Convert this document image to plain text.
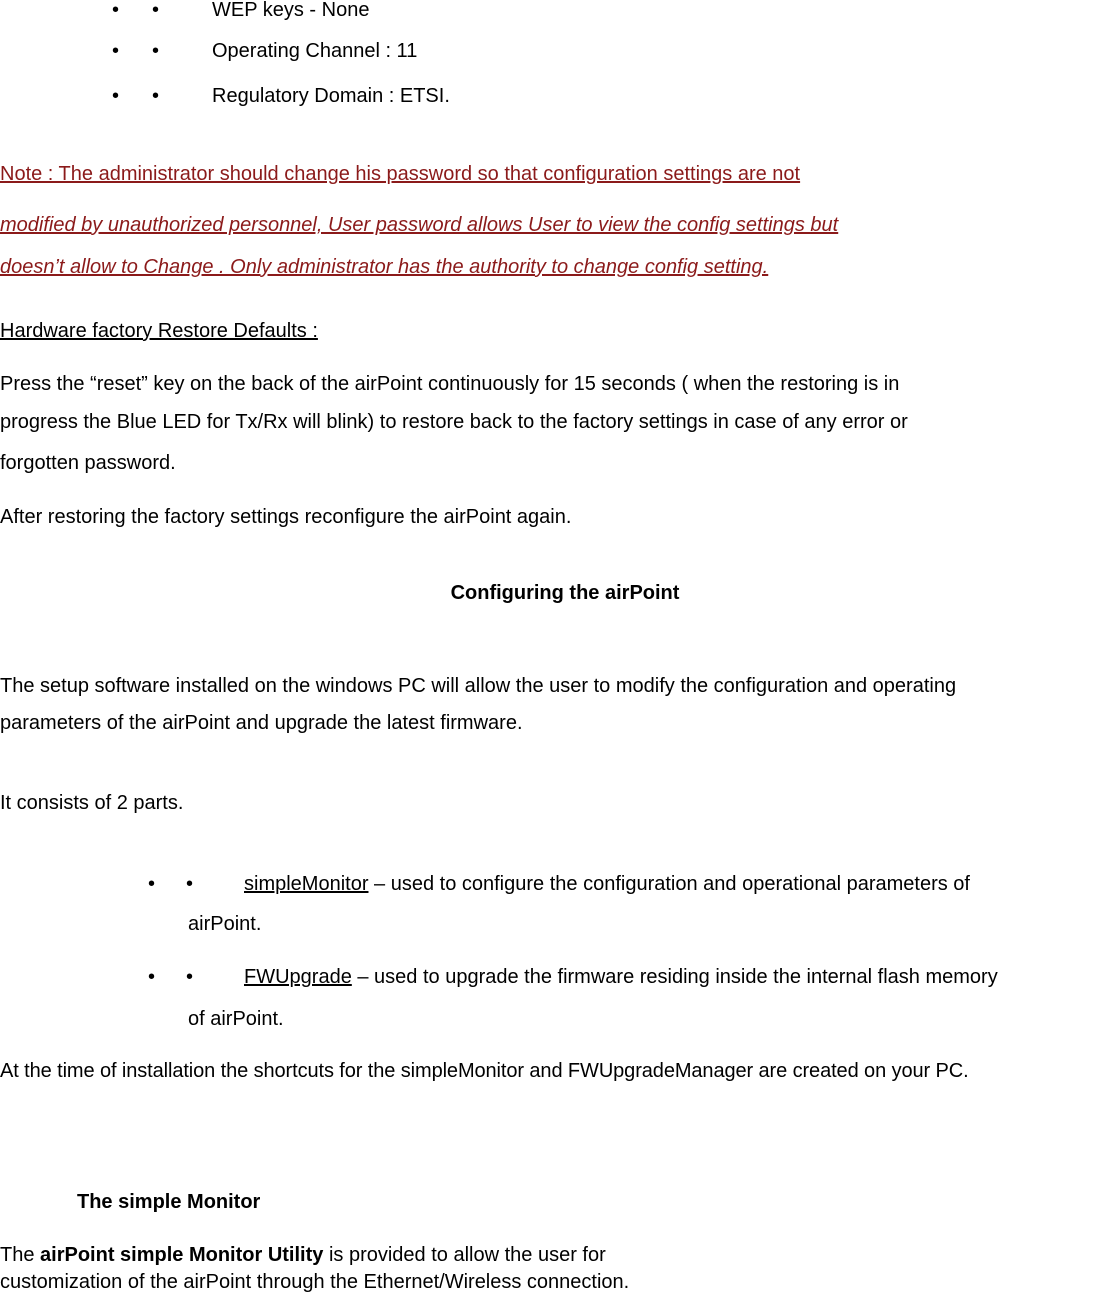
• •	WEP keys - None
• •	Operating Channel : 11
• •	Regulatory Domain : ETSI.
Note : The administrator should change his password so that configuration settings are not
modified by unauthorized personnel, User password allows User to view the config settings but
doesn’t allow to Change . Only administrator has the authority to change config setting.
Hardware factory Restore Defaults :
Press the “reset” key on the back of the airPoint continuously for 15 seconds ( when the restoring is in
progress the Blue LED for Tx/Rx will blink) to restore back to the factory settings in case of any error or
forgotten password.
After restoring the factory settings reconfigure the airPoint again.
Configuring the airPoint
The setup software installed on the windows PC will allow the user to modify the configuration and operating
parameters of the airPoint and upgrade the latest firmware.
It consists of 2 parts.
• •	simpleMonitor – used to configure the configuration and operational parameters of
airPoint.
• •	FWUpgrade – used to upgrade the firmware residing inside the internal flash memory
of airPoint.
At the time of installation the shortcuts for the simpleMonitor and FWUpgradeManager are created on your PC.
The simple Monitor
The airPoint simple Monitor Utility is provided to allow the user for
customization of the airPoint through the Ethernet/Wireless connection.
